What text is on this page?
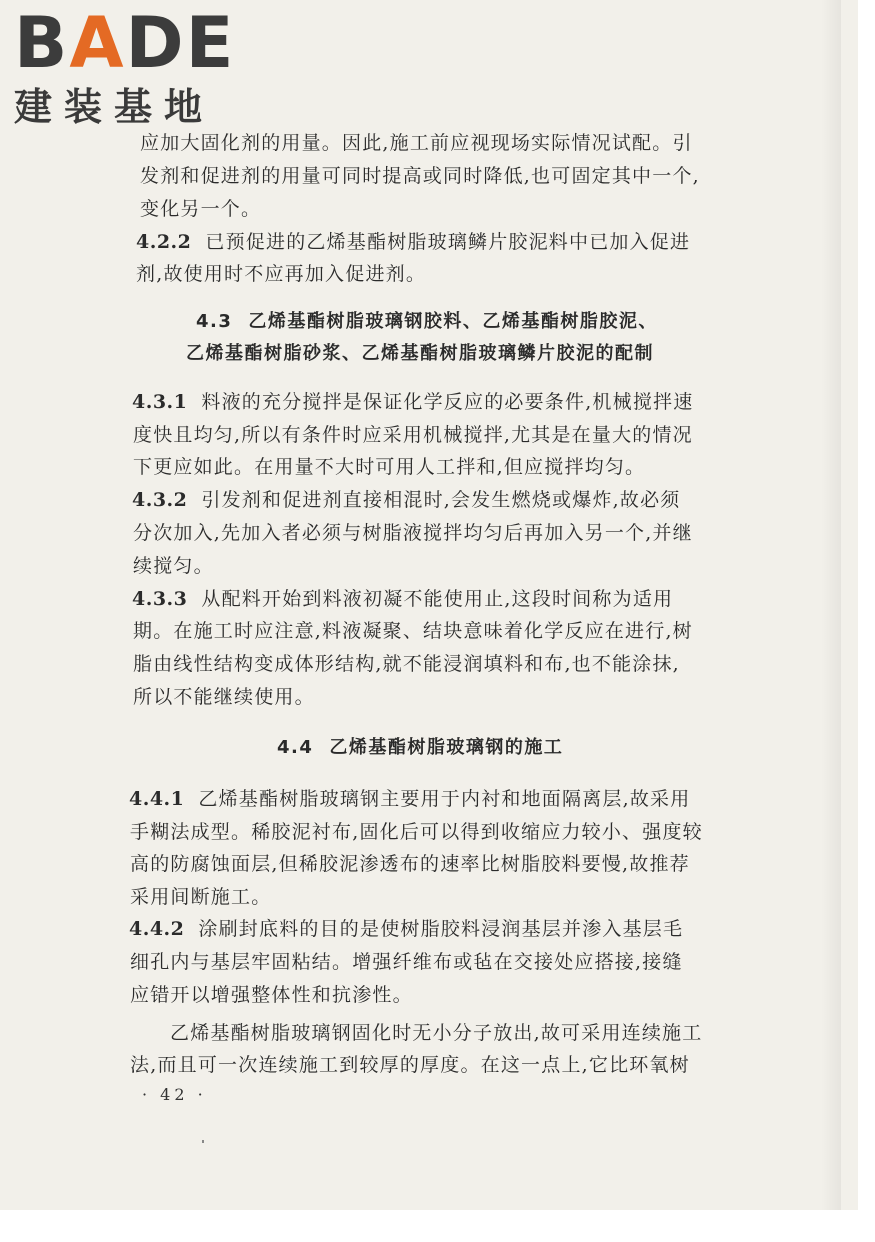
BADE
建装基地
应加大固化剂的用量。因此,施工前应视现场实际情况试配。引
发剂和促进剂的用量可同时提高或同时降低,也可固定其中一个,
变化另一个。
4.2.2 已预促进的乙烯基酯树脂玻璃鳞片胶泥料中已加入促进
剂,故使用时不应再加入促进剂。
4.3 乙烯基酯树脂玻璃钢胶料、乙烯基酯树脂胶泥、
乙烯基酯树脂砂浆、乙烯基酯树脂玻璃鳞片胶泥的配制
4.3.1 料液的充分搅拌是保证化学反应的必要条件,机械搅拌速
度快且均匀,所以有条件时应采用机械搅拌,尤其是在量大的情况
下更应如此。在用量不大时可用人工拌和,但应搅拌均匀。
4.3.2 引发剂和促进剂直接相混时,会发生燃烧或爆炸,故必须
分次加入,先加入者必须与树脂液搅拌均匀后再加入另一个,并继
续搅匀。
4.3.3 从配料开始到料液初凝不能使用止,这段时间称为适用
期。在施工时应注意,料液凝聚、结块意味着化学反应在进行,树
脂由线性结构变成体形结构,就不能浸润填料和布,也不能涂抹,
所以不能继续使用。
4.4 乙烯基酯树脂玻璃钢的施工
4.4.1 乙烯基酯树脂玻璃钢主要用于内衬和地面隔离层,故采用
手糊法成型。稀胶泥衬布,固化后可以得到收缩应力较小、强度较
高的防腐蚀面层,但稀胶泥渗透布的速率比树脂胶料要慢,故推荐
采用间断施工。
4.4.2 涂刷封底料的目的是使树脂胶料浸润基层并渗入基层毛
细孔内与基层牢固粘结。增强纤维布或毡在交接处应搭接,接缝
应错开以增强整体性和抗渗性。
乙烯基酯树脂玻璃钢固化时无小分子放出,故可采用连续施工
法,而且可一次连续施工到较厚的厚度。在这一点上,它比环氧树
· 42 ·
